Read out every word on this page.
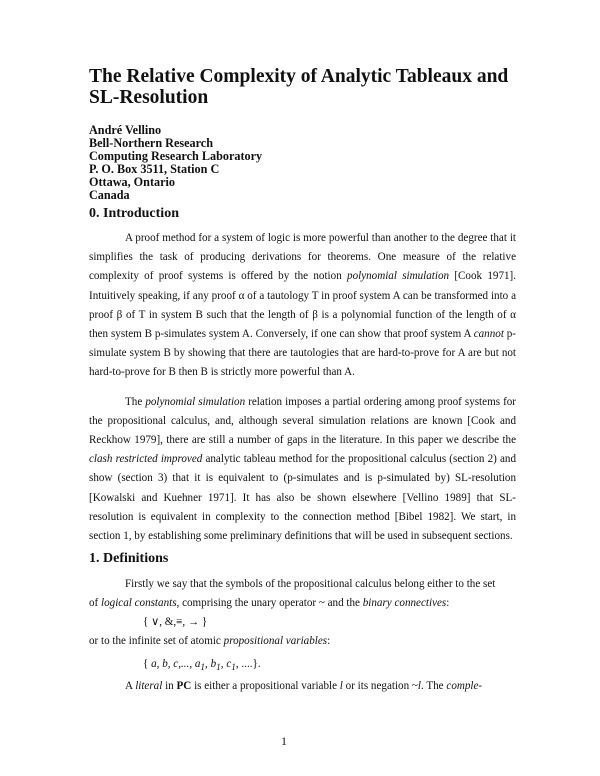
The Relative Complexity of Analytic Tableaux and SL-Resolution
André Vellino
Bell-Northern Research
Computing Research Laboratory
P. O. Box 3511, Station C
Ottawa, Ontario
Canada
0. Introduction

A proof method for a system of logic is more powerful than another to the degree that it simplifies the task of producing derivations for theorems. One measure of the relative complexity of proof systems is offered by the notion polynomial simulation [Cook 1971]. Intuitively speaking, if any proof α of a tautology T in proof system A can be transformed into a proof β of T in system B such that the length of β is a polynomial function of the length of α then system B p-simulates system A. Conversely, if one can show that proof system A cannot p-simulate system B by showing that there are tautologies that are hard-to-prove for A are but not hard-to-prove for B then B is strictly more powerful than A.

The polynomial simulation relation imposes a partial ordering among proof systems for the propositional calculus, and, although several simulation relations are known [Cook and Reckhow 1979], there are still a number of gaps in the literature. In this paper we describe the clash restricted improved analytic tableau method for the propositional calculus (section 2) and show (section 3) that it is equivalent to (p-simulates and is p-simulated by) SL-resolution [Kowalski and Kuehner 1971]. It has also be shown elsewhere [Vellino 1989] that SL-resolution is equivalent in complexity to the connection method [Bibel 1982]. We start, in section 1, by establishing some preliminary definitions that will be used in subsequent sections.

1. Definitions
Firstly we say that the symbols of the propositional calculus belong either to the set
of logical constants, comprising the unary operator ~ and the binary connectives:
{ ∨, &,≡, → }
or to the infinite set of atomic propositional variables:
{ a, b, c,..., $a_1$, $b_1$, $c_1$, ....}.
A literal in PC is either a propositional variable l or its negation ~l. The comple-
1
